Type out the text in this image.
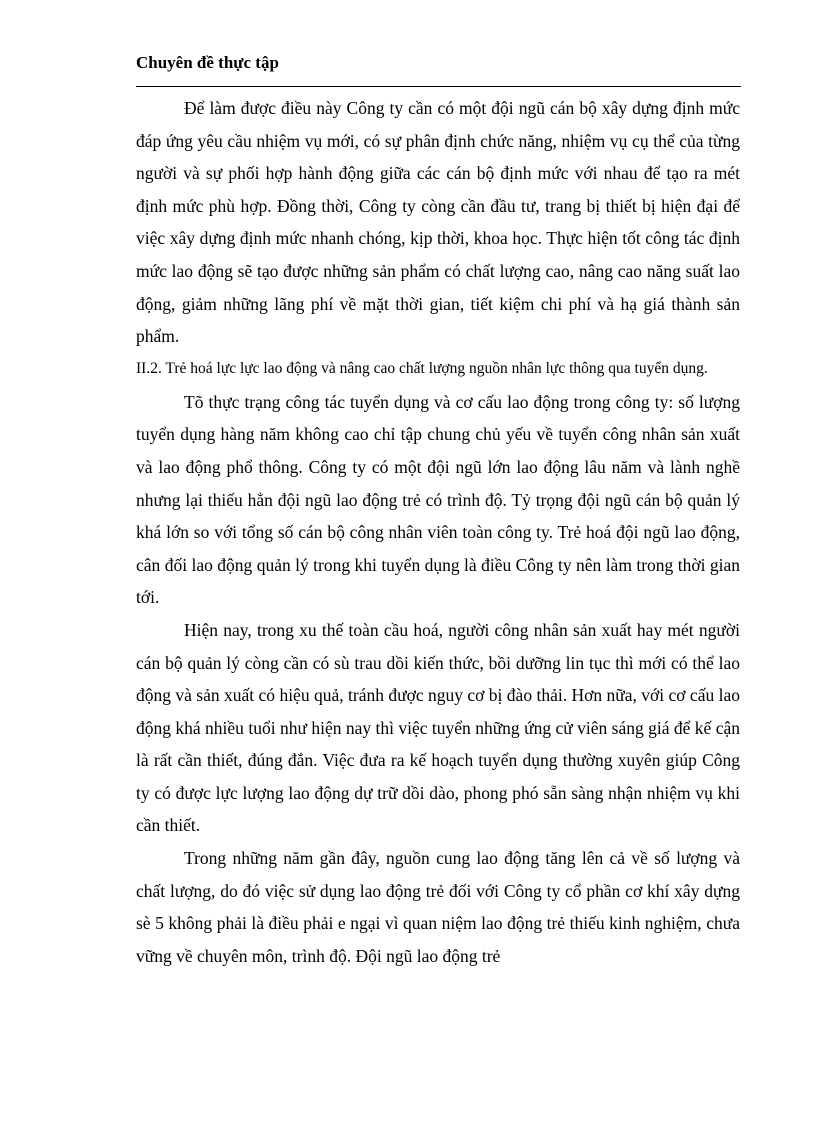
Chuyên đề thực tập

Để làm được điều này Công ty cần có một đội ngũ cán bộ xây dựng định mức đáp ứng yêu cầu nhiệm vụ mới, có sự phân định chức năng, nhiệm vụ cụ thể của từng người và sự phối hợp hành động giữa các cán bộ định mức với nhau để tạo ra mét định mức phù hợp. Đồng thời, Công ty còng cần đầu tư, trang bị thiết bị hiện đại để việc xây dựng định mức nhanh chóng, kịp thời, khoa học. Thực hiện tốt công tác định mức lao động sẽ tạo được những sản phẩm có chất lượng cao, nâng cao năng suất lao động, giảm những lãng phí về mặt thời gian, tiết kiệm chi phí và hạ giá thành sản phẩm.

II.2. Trẻ hoá lực lực lao động và nâng cao chất lượng nguồn nhân lực thông qua tuyển dụng.

Tõ thực trạng công tác tuyển dụng và cơ cấu lao động trong công ty: số lượng tuyển dụng hàng năm không cao chỉ tập chung chủ yếu về tuyển công nhân sản xuất và lao động phổ thông. Công ty có một đội ngũ lớn lao động lâu năm và lành nghề nhưng lại thiếu hẳn đội ngũ lao động trẻ có trình độ. Tỷ trọng đội ngũ cán bộ quản lý khá lớn so với tổng số cán bộ công nhân viên toàn công ty. Trẻ hoá đội ngũ lao động, cân đối lao động quản lý trong khi tuyển dụng là điều Công ty nên làm trong thời gian tới.

Hiện nay, trong xu thế toàn cầu hoá, người công nhân sản xuất hay mét người cán bộ quản lý còng cần có sù trau dồi kiến thức, bồi dưỡng lin tục thì mới có thể lao động và sản xuất có hiệu quả, tránh được nguy cơ bị đào thải. Hơn nữa, với cơ cấu lao động khá nhiều tuổi như hiện nay thì việc tuyển những ứng cử viên sáng giá để kế cận là rất cần thiết, đúng đắn. Việc đưa ra kế hoạch tuyển dụng thường xuyên giúp Công ty có được lực lượng lao động dự trữ dồi dào, phong phó sẵn sàng nhận nhiệm vụ khi cần thiết.

Trong những năm gần đây, nguồn cung lao động tăng lên cả về số lượng và chất lượng, do đó việc sử dụng lao động trẻ đối với Công ty cổ phần cơ khí xây dựng sè 5 không phải là điều phải e ngại vì quan niệm lao động trẻ thiếu kinh nghiệm, chưa vững về chuyên môn, trình độ. Đội ngũ lao động trẻ
